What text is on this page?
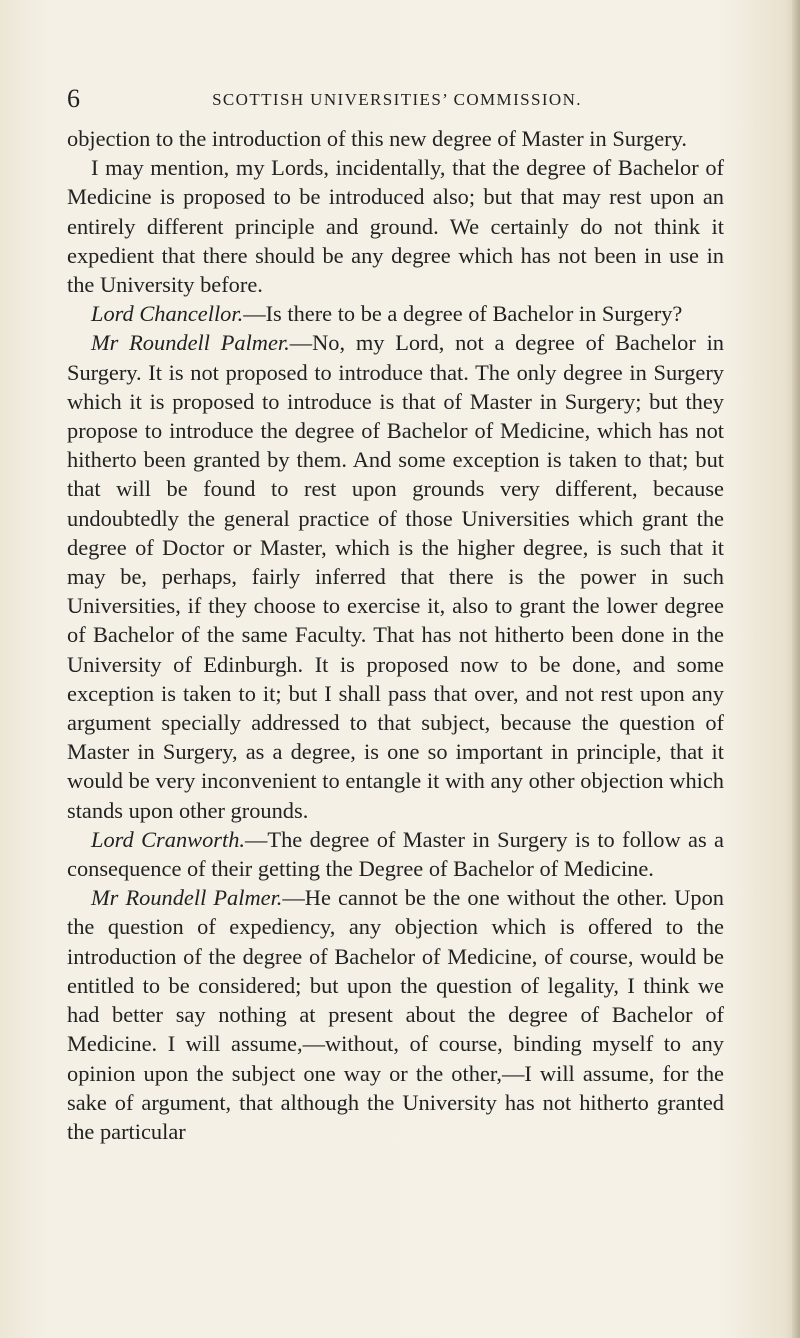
6	SCOTTISH UNIVERSITIES’ COMMISSION.

objection to the introduction of this new degree of Master in Surgery.

I may mention, my Lords, incidentally, that the degree of Bachelor of Medicine is proposed to be introduced also; but that may rest upon an entirely different principle and ground. We certainly do not think it expedient that there should be any degree which has not been in use in the University before.

Lord Chancellor.—Is there to be a degree of Bachelor in Surgery?

Mr Roundell Palmer.—No, my Lord, not a degree of Bachelor in Surgery. It is not proposed to introduce that. The only degree in Surgery which it is proposed to introduce is that of Master in Surgery; but they propose to introduce the degree of Bachelor of Medicine, which has not hitherto been granted by them. And some exception is taken to that; but that will be found to rest upon grounds very different, because undoubtedly the general practice of those Universities which grant the degree of Doctor or Master, which is the higher degree, is such that it may be, perhaps, fairly inferred that there is the power in such Universities, if they choose to exercise it, also to grant the lower degree of Bachelor of the same Faculty. That has not hitherto been done in the University of Edinburgh. It is proposed now to be done, and some exception is taken to it; but I shall pass that over, and not rest upon any argument specially addressed to that subject, because the question of Master in Surgery, as a degree, is one so important in principle, that it would be very inconvenient to entangle it with any other objection which stands upon other grounds.

Lord Cranworth.—The degree of Master in Surgery is to follow as a consequence of their getting the Degree of Bachelor of Medicine.

Mr Roundell Palmer.—He cannot be the one without the other. Upon the question of expediency, any objection which is offered to the introduction of the degree of Bachelor of Medicine, of course, would be entitled to be considered; but upon the question of legality, I think we had better say nothing at present about the degree of Bachelor of Medicine. I will assume,—without, of course, binding myself to any opinion upon the subject one way or the other,—I will assume, for the sake of argument, that although the University has not hitherto granted the particular
